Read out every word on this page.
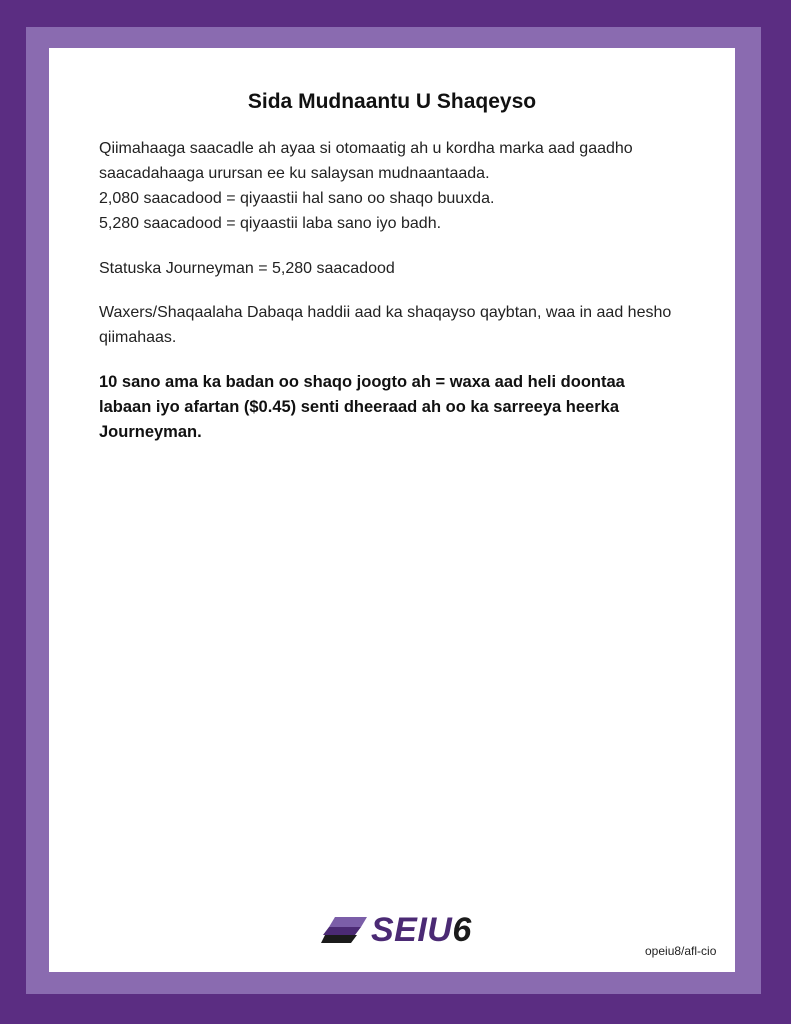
Sida Mudnaantu U Shaqeyso

Qiimahaaga saacadle ah ayaa si otomaatig ah u kordha marka aad gaadho saacadahaaga urursan ee ku salaysan mudnaantaada.
2,080 saacadood = qiyaastii hal sano oo shaqo buuxda.
5,280 saacadood = qiyaastii laba sano iyo badh.

Statuska Journeyman = 5,280 saacadood

Waxers/Shaqaalaha Dabaqa haddii aad ka shaqayso qaybtan, waa in aad hesho qiimahaas.

10 sano ama ka badan oo shaqo joogto ah = waxa aad heli doontaa labaan iyo afartan ($0.45) senti dheeraad ah oo ka sarreeya heerka Journeyman.

SEIU6
opeiu8/afl-cio
